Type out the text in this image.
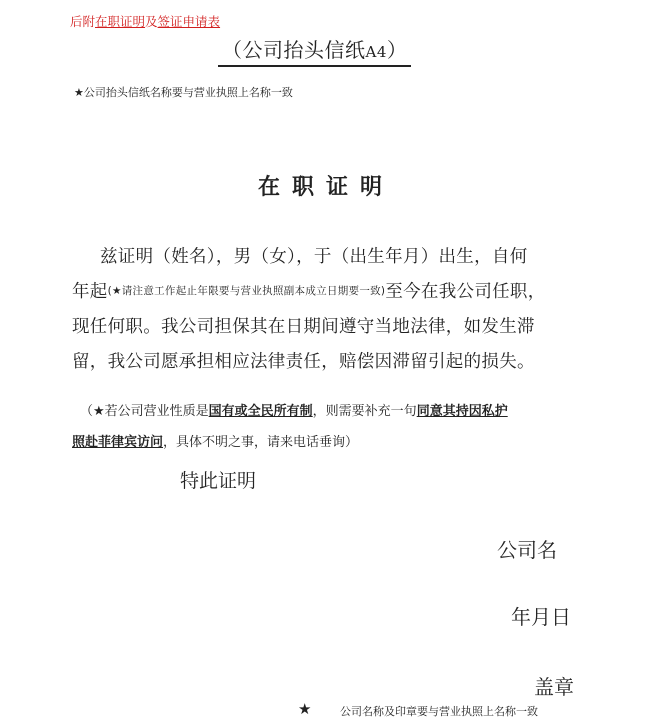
后附在职证明及签证申请表
（公司抬头信纸A4）
★公司抬头信纸名称要与营业执照上名称一致
在职证明
兹证明（姓名），男（女），于（出生年月）出生，自何
年起(★请注意工作起止年限要与营业执照副本成立日期要一致)至今在我公司任职，
现任何职。我公司担保其在日期间遵守当地法律，如发生滞
留，我公司愿承担相应法律责任，赔偿因滞留引起的损失。
（★若公司营业性质是国有或全民所有制，则需要补充一句同意其持因私护
照赴菲律宾访问，具体不明之事，请来电话垂询）
特此证明
公司名
年月日
盖章
★	公司名称及印章要与营业执照上名称一致
